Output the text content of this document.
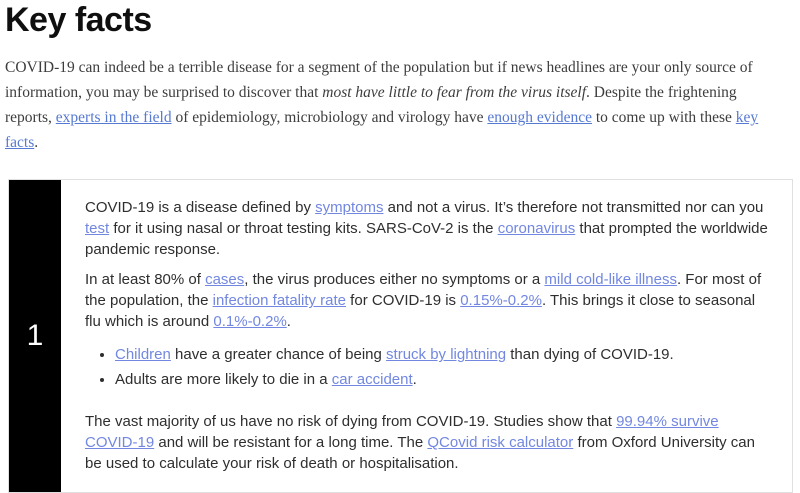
Key facts

COVID-19 can indeed be a terrible disease for a segment of the population but if news headlines are your only source of information, you may be surprised to discover that most have little to fear from the virus itself. Despite the frightening reports, experts in the field of epidemiology, microbiology and virology have enough evidence to come up with these key facts.

1

COVID-19 is a disease defined by symptoms and not a virus. It’s therefore not transmitted nor can you test for it using nasal or throat testing kits. SARS-CoV-2 is the coronavirus that prompted the worldwide pandemic response.

In at least 80% of cases, the virus produces either no symptoms or a mild cold-like illness. For most of the population, the infection fatality rate for COVID-19 is 0.15%-0.2%. This brings it close to seasonal flu which is around 0.1%-0.2%.

• Children have a greater chance of being struck by lightning than dying of COVID-19.
• Adults are more likely to die in a car accident.

The vast majority of us have no risk of dying from COVID-19. Studies show that 99.94% survive COVID-19 and will be resistant for a long time. The QCovid risk calculator from Oxford University can be used to calculate your risk of death or hospitalisation.
